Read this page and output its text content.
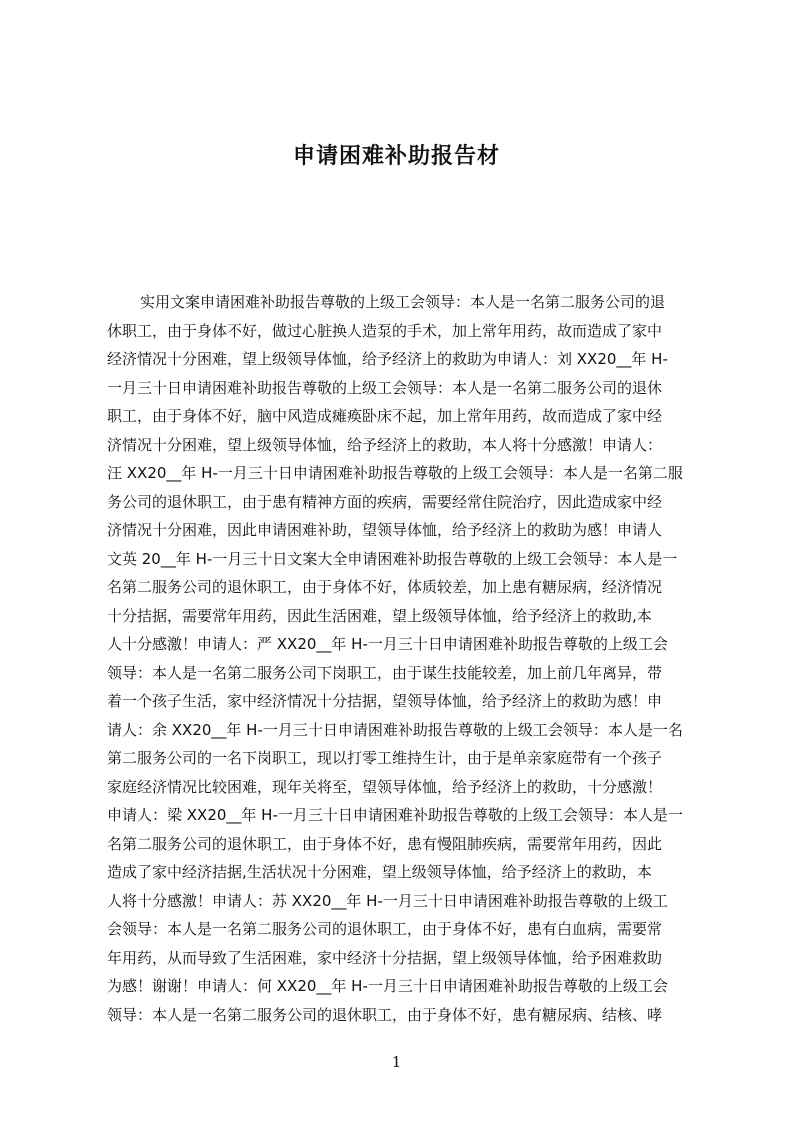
申请困难补助报告材
实用文案申请困难补助报告尊敬的上级工会领导：本人是一名第二服务公司的退
休职工，由于身体不好，做过心脏换人造泵的手术，加上常年用药，故而造成了家中
经济情况十分困难，望上级领导体恤，给予经济上的救助为申请人：刘 XX20__年 H-
一月三十日申请困难补助报告尊敬的上级工会领导：本人是一名第二服务公司的退休
职工，由于身体不好，脑中风造成瘫痪卧床不起，加上常年用药，故而造成了家中经
济情况十分困难，望上级领导体恤，给予经济上的救助，本人将十分感激！申请人：
汪 XX20__年 H-一月三十日申请困难补助报告尊敬的上级工会领导：本人是一名第二服
务公司的退休职工，由于患有精神方面的疾病，需要经常住院治疗，因此造成家中经
济情况十分困难，因此申请困难补助，望领导体恤，给予经济上的救助为感！申请人
文英 20__年 H-一月三十日文案大全申请困难补助报告尊敬的上级工会领导：本人是一
名第二服务公司的退休职工，由于身体不好，体质较差，加上患有糖尿病，经济情况
十分拮据，需要常年用药，因此生活困难，望上级领导体恤，给予经济上的救助,本
人十分感激！申请人：严 XX20__年 H-一月三十日申请困难补助报告尊敬的上级工会
领导：本人是一名第二服务公司下岗职工，由于谋生技能较差，加上前几年离异，带
着一个孩子生活，家中经济情况十分拮据，望领导体恤，给予经济上的救助为感！申
请人：余 XX20__年 H-一月三十日申请困难补助报告尊敬的上级工会领导：本人是一名
第二服务公司的一名下岗职工，现以打零工维持生计，由于是单亲家庭带有一个孩子
家庭经济情况比较困难，现年关将至，望领导体恤，给予经济上的救助，十分感激！
申请人：梁 XX20__年 H-一月三十日申请困难补助报告尊敬的上级工会领导：本人是一
名第二服务公司的退休职工，由于身体不好，患有慢阻肺疾病，需要常年用药，因此
造成了家中经济拮据,生活状况十分困难，望上级领导体恤，给予经济上的救助，本
人将十分感激！申请人：苏 XX20__年 H-一月三十日申请困难补助报告尊敬的上级工
会领导：本人是一名第二服务公司的退休职工，由于身体不好，患有白血病，需要常
年用药，从而导致了生活困难，家中经济十分拮据，望上级领导体恤，给予困难救助
为感！谢谢！申请人：何 XX20__年 H-一月三十日申请困难补助报告尊敬的上级工会
领导：本人是一名第二服务公司的退休职工，由于身体不好，患有糖尿病、结核、哮
1
